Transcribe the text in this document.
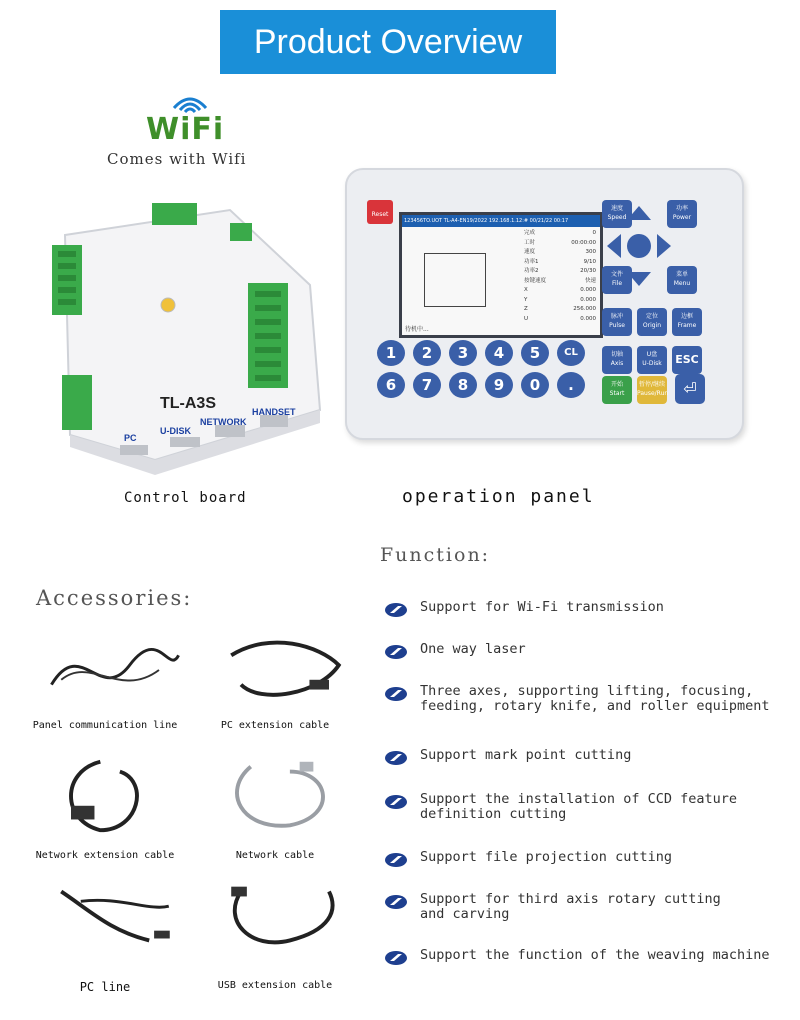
Product Overview
WiFi
Comes with Wifi
TL-A3S
PC
U-DISK
NETWORK
HANDSET
Control board
Reset
123456TO.UOT TL-A4-EN19/2022 192.168.1.12:# 00/21/22 00:17
完成	0
工时	00:00:00
速度	300
功率1	9/10
功率2	20/30
按键速度	快速
X	0.000
Y	0.000
Z	256.000
U	0.000
待机中...
⏎
速度
Speed
功率
Power
文件
File
菜单
Menu
脉冲
Pulse
定位
Origin
边框
Frame
切轴
Axis
U盘
U-Disk	ESC
开始
Start
暂停/继续
Pause/Run
1	2	3	4	5	CL
6	7	8	9	0	.
operation panel
Function:
Accessories:	Support for Wi-Fi transmission
One way laser
Three axes, supporting lifting, focusing,
feeding, rotary knife, and roller equipment
Support mark point cutting
Support the installation of CCD feature
definition cutting
Support file projection cutting
Support for third axis rotary cutting
and carving
Support the function of the weaving machine
Panel communication line	PC extension cable
Network extension cable	Network cable
PC line	USB extension cable
